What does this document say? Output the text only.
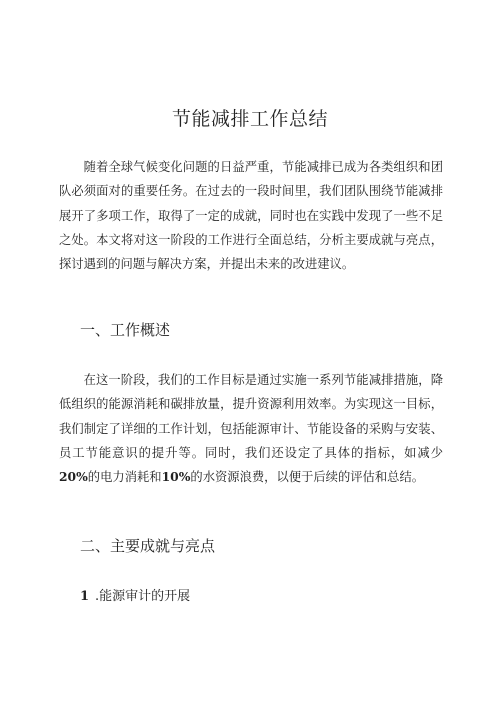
节能减排工作总结

随着全球气候变化问题的日益严重，节能减排已成为各类组织和团队必须面对的重要任务。在过去的一段时间里，我们团队围绕节能减排展开了多项工作，取得了一定的成就，同时也在实践中发现了一些不足之处。本文将对这一阶段的工作进行全面总结，分析主要成就与亮点，探讨遇到的问题与解决方案，并提出未来的改进建议。

一、工作概述

在这一阶段，我们的工作目标是通过实施一系列节能减排措施，降低组织的能源消耗和碳排放量，提升资源利用效率。为实现这一目标，我们制定了详细的工作计划，包括能源审计、节能设备的采购与安装、员工节能意识的提升等。同时，我们还设定了具体的指标，如减少20%的电力消耗和10%的水资源浪费，以便于后续的评估和总结。

二、主要成就与亮点
1 .能源审计的开展
